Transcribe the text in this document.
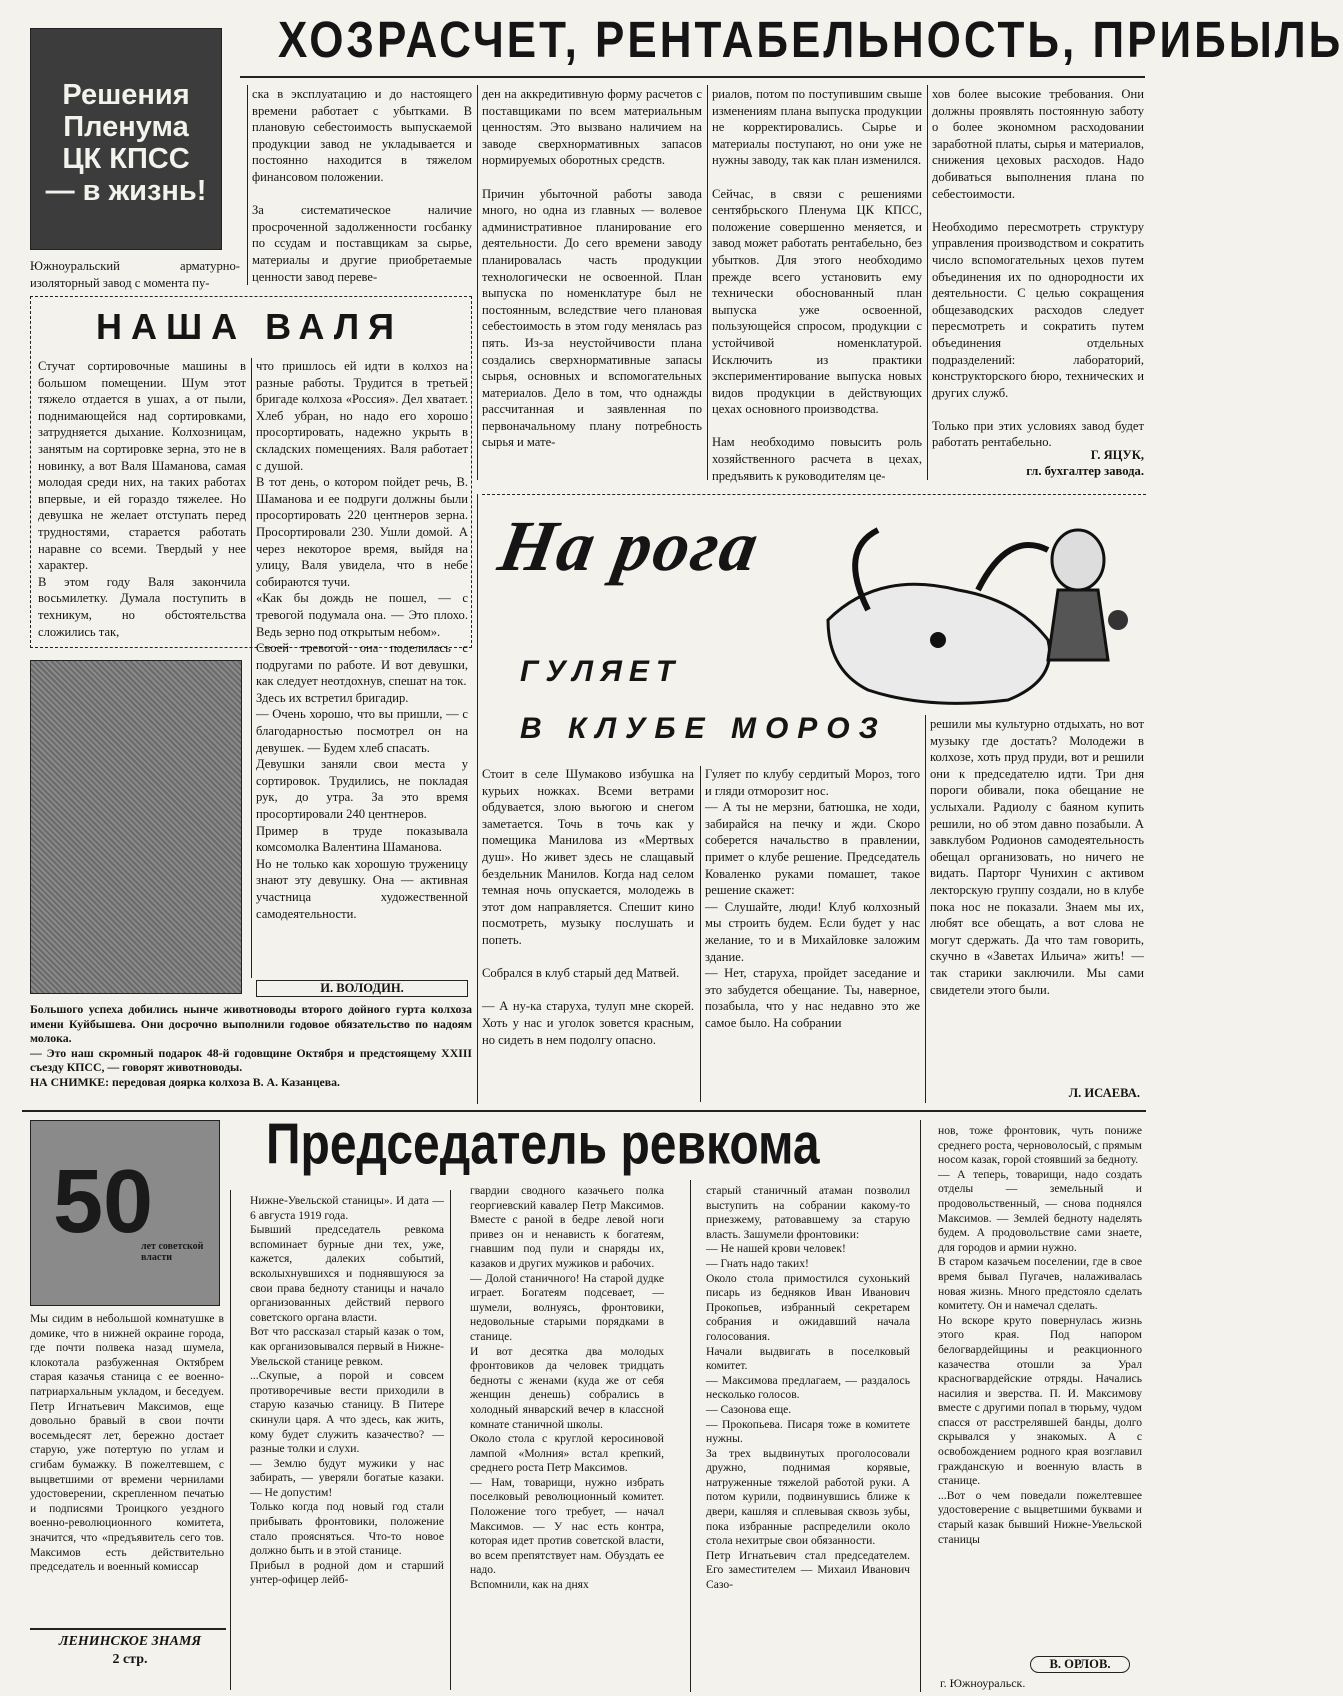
Решения Пленума ЦК КПСС — в жизнь!
ХОЗРАСЧЕТ, РЕНТАБЕЛЬНОСТЬ, ПРИБЫЛЬ
Южноуральский арматурно-изоляторный завод с момента пу-
ска в эксплуатацию и до настоящего времени работает с убытками. В плановую себестоимость выпускаемой продукции завод не укладывается и постоянно находится в тяжелом финансовом положении.

За систематическое наличие просроченной задолженности госбанку по ссудам и поставщикам за сырье, материалы и другие приобретаемые ценности завод переве-
ден на аккредитивную форму расчетов с поставщиками по всем материальным ценностям. Это вызвано наличием на заводе сверхнормативных запасов нормируемых оборотных средств.

Причин убыточной работы завода много, но одна из главных — волевое административное планирование его деятельности. До сего времени заводу планировалась часть продукции технологически не освоенной. План выпуска по номенклатуре был не постоянным, вследствие чего плановая себестоимость в этом году менялась раз пять. Из-за неустойчивости плана создались сверхнормативные запасы сырья, основных и вспомогательных материалов. Дело в том, что однажды рассчитанная и заявленная по первоначальному плану потребность сырья и мате-
риалов, потом по поступившим свыше изменениям плана выпуска продукции не корректировались. Сырье и материалы поступают, но они уже не нужны заводу, так как план изменился.

Сейчас, в связи с решениями сентябрьского Пленума ЦК КПСС, положение совершенно меняется, и завод может работать рентабельно, без убытков. Для этого необходимо прежде всего установить ему технически обоснованный план выпуска уже освоенной, пользующейся спросом, продукции с устойчивой номенклатурой. Исключить из практики экспериментирование выпуска новых видов продукции в действующих цехах основного производства.

Нам необходимо повысить роль хозяйственного расчета в цехах, предъявить к руководителям це-
хов более высокие требования. Они должны проявлять постоянную заботу о более экономном расходовании заработной платы, сырья и материалов, снижения цеховых расходов. Надо добиваться выполнения плана по себестоимости.

Необходимо пересмотреть структуру управления производством и сократить число вспомогательных цехов путем объединения их по однородности их деятельности. С целью сокращения общезаводских расходов следует пересмотреть и сократить путем объединения отдельных подразделений: лабораторий, конструкторского бюро, технических и других служб.

Только при этих условиях завод будет работать рентабельно.
Г. ЯЦУК,
гл. бухгалтер завода.
НАША ВАЛЯ
Стучат сортировочные машины в большом помещении. Шум этот тяжело отдается в ушах, а от пыли, поднимающейся над сортировками, затрудняется дыхание. Колхозницам, занятым на сортировке зерна, это не в новинку, а вот Валя Шаманова, самая молодая среди них, на таких работах впервые, и ей гораздо тяжелее. Но девушка не желает отступать перед трудностями, старается работать наравне со всеми. Твердый у нее характер.
В этом году Валя закончила восьмилетку. Думала поступить в техникум, но обстоятельства сложились так,
что пришлось ей идти в колхоз на разные работы. Трудится в третьей бригаде колхоза «Россия». Дел хватает. Хлеб убран, но надо его хорошо просортировать, надежно укрыть в складских помещениях. Валя работает с душой.
В тот день, о котором пойдет речь, В. Шаманова и ее подруги должны были просортировать 220 центнеров зерна. Просортировали 230. Ушли домой. А через некоторое время, выйдя на улицу, Валя увидела, что в небе собираются тучи.
«Как бы дождь не пошел, — с тревогой подумала она. — Это плохо. Ведь зерно под открытым небом».
Своей тревогой она поделилась с подругами по работе. И вот девушки, как следует неотдохнув, спешат на ток.
Здесь их встретил бригадир.
— Очень хорошо, что вы пришли, — с благодарностью посмотрел он на девушек. — Будем хлеб спасать.
Девушки заняли свои места у сортировок. Трудились, не покладая рук, до утра. За это время просортировали 240 центнеров.
Пример в труде показывала комсомолка Валентина Шаманова.
Но не только как хорошую труженицу знают эту девушку. Она — активная участница художественной самодеятельности.
И. ВОЛОДИН.
Большого успеха добились нынче животноводы второго дойного гурта колхоза имени Куйбышева. Они досрочно выполнили годовое обязательство по надоям молока.
— Это наш скромный подарок 48-й годовщине Октября и предстоящему XXIII съезду КПСС, — говорят животноводы.
НА СНИМКЕ: передовая доярка колхоза В. А. Казанцева.
На рога
ГУЛЯЕТ
В КЛУБЕ МОРОЗ
Стоит в селе Шумаково избушка на курьих ножках. Всеми ветрами обдувается, злою вьюгою и снегом заметается. Точь в точь как у помещика Манилова из «Мертвых душ». Но живет здесь не слащавый бездельник Манилов. Когда над селом темная ночь опускается, молодежь в этот дом направляется. Спешит кино посмотреть, музыку послушать и попеть.

Собрался в клуб старый дед Матвей.

— А ну-ка старуха, тулуп мне скорей. Хоть у нас и уголок зовется красным, но сидеть в нем подолгу опасно.
Гуляет по клубу сердитый Мороз, того и гляди отморозит нос.
— А ты не мерзни, батюшка, не ходи, забирайся на печку и жди. Скоро соберется начальство в правлении, примет о клубе решение. Председатель Коваленко руками помашет, такое решение скажет:
— Слушайте, люди! Клуб колхозный мы строить будем. Если будет у нас желание, то и в Михайловке заложим здание.
— Нет, старуха, пройдет заседание и это забудется обещание. Ты, наверное, позабыла, что у нас недавно это же самое было. На собрании
решили мы культурно отдыхать, но вот музыку где достать? Молодежи в колхозе, хоть пруд пруди, вот и решили они к председателю идти. Три дня пороги обивали, пока обещание не услыхали. Радиолу с баяном купить решили, но об этом давно позабыли. А завклубом Родионов самодеятельность обещал организовать, но ничего не видать. Парторг Чунихин с активом лекторскую группу создали, но в клубе пока нос не показали. Знаем мы их, любят все обещать, а вот слова не могут сдержать. Да что там говорить, скучно в «Заветах Ильича» жить! — так старики заключили. Мы сами свидетели этого были.
Л. ИСАЕВА.
50
лет советской власти
Председатель ревкома
Мы сидим в небольшой комнатушке в домике, что в нижней окраине города, где почти полвека назад шумела, клокотала разбуженная Октябрем старая казачья станица с ее военно-патриархальным укладом, и беседуем. Петр Игнатьевич Максимов, еще довольно бравый в свои почти восемьдесят лет, бережно достает старую, уже потертую по углам и сгибам бумажку. В пожелтевшем, с выцветшими от времени чернилами удостоверении, скрепленном печатью и подписями Троицкого уездного военно-революционного комитета, значится, что «предъявитель сего тов. Максимов есть действительно председатель и военный комиссар
Нижне-Увельской станицы». И дата — 6 августа 1919 года.
Бывший председатель ревкома вспоминает бурные дни тех, уже, кажется, далеких событий, всколыхнувшихся и поднявшуюся за свои права бедноту станицы и начало организованных действий первого советского органа власти.
Вот что рассказал старый казак о том, как организовывался первый в Нижне-Увельской станице ревком.
...Скупые, а порой и совсем противоречивые вести приходили в старую казачью станицу. В Питере скинули царя. А что здесь, как жить, кому будет служить казачество? — разные толки и слухи.
— Землю будут мужики у нас забирать, — уверяли богатые казаки. — Не допустим!
Только когда под новый год стали прибывать фронтовики, положение стало проясняться. Что-то новое должно быть и в этой станице.
Прибыл в родной дом и старший унтер-офицер лейб-
гвардии сводного казачьего полка георгиевский кавалер Петр Максимов. Вместе с раной в бедре левой ноги привез он и ненависть к богатеям, гнавшим под пули и снаряды их, казаков и других мужиков и рабочих.
— Долой станичного! На старой дудке играет. Богатеям подсевает, — шумели, волнуясь, фронтовики, недовольные старыми порядками в станице.
И вот десятка два молодых фронтовиков да человек тридцать бедноты с женами (куда же от себя женщин денешь) собрались в холодный январский вечер в классной комнате станичной школы.
Около стола с круглой керосиновой лампой «Молния» встал крепкий, среднего роста Петр Максимов.
— Нам, товарищи, нужно избрать поселковый революционный комитет. Положение того требует, — начал Максимов. — У нас есть контра, которая идет против советской власти, во всем препятствует нам. Обуздать ее надо.
Вспомнили, как на днях
старый станичный атаман позволил выступить на собрании какому-то приезжему, ратовавшему за старую власть. Зашумели фронтовики:
— Не нашей крови человек!
— Гнать надо таких!
Около стола примостился сухонький писарь из бедняков Иван Иванович Прокопьев, избранный секретарем собрания и ожидавший начала голосования.
Начали выдвигать в поселковый комитет.
— Максимова предлагаем, — раздалось несколько голосов.
— Сазонова еще.
— Прокопьева. Писаря тоже в комитете нужны.
За трех выдвинутых проголосовали дружно, поднимая корявые, натруженные тяжелой работой руки. А потом курили, подвинувшись ближе к двери, кашляя и сплевывая сквозь зубы, пока избранные распределили около стола нехитрые свои обязанности.
Петр Игнатьевич стал председателем. Его заместителем — Михаил Иванович Сазо-
нов, тоже фронтовик, чуть пониже среднего роста, черноволосый, с прямым носом казак, горой стоявший за бедноту.
— А теперь, товарищи, надо создать отделы — земельный и продовольственный, — снова поднялся Максимов. — Землей бедноту наделять будем. А продовольствие сами знаете, для городов и армии нужно.
В старом казачьем поселении, где в свое время бывал Пугачев, налаживалась новая жизнь. Много предстояло сделать комитету. Он и намечал сделать.
Но вскоре круто повернулась жизнь этого края. Под напором белогвардейщины и реакционного казачества отошли за Урал красногвардейские отряды. Начались насилия и зверства. П. И. Максимову вместе с другими попал в тюрьму, чудом спасся от расстрелявшей банды, долго скрывался у знакомых. А с освобождением родного края возглавил гражданскую и военную власть в станице.
...Вот о чем поведали пожелтевшее удостоверение с выцветшими буквами и старый казак бывший Нижне-Увельской станицы
В. ОРЛОВ.
г. Южноуральск.
ЛЕНИНСКОЕ ЗНАМЯ
2 стр.
